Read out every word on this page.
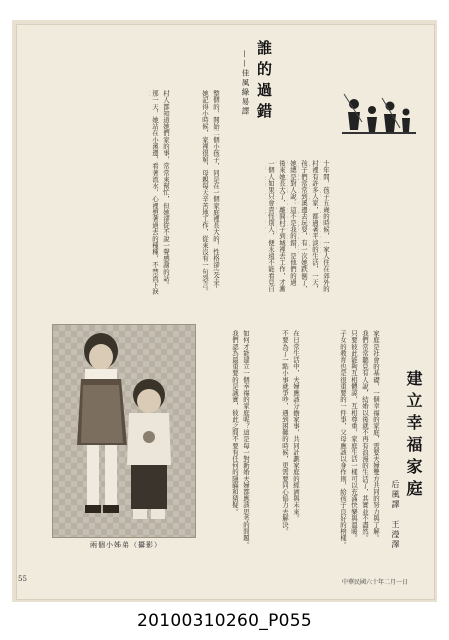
誰的過錯
——佳風綠易譯
十年間，孩子五歲的時候，一家人住在郊外的
村裡有許多人家，都過著平淡的生活，一天，
孩子們常常到溪邊去玩耍，有一次她跌倒了，
她總是對人說：這不是我的錯，是他們的過
後來她長大了，離開村子到城裡去工作，才漸
一個人如果只會責怪別人，便永遠不能看見自
整個的，開始二個小孩子，同是在一個家庭裡長大的，性格卻完全不
她記得小時候，家裡很窮，母親每天辛苦地工作，從來沒有一句怨言。
村人都知道她們家的事，常常來幫忙，但她卻從不說一聲感謝的話。
那一天，她站在小溪邊，看著流水，心裡想著過去的種種，不禁流下淚
建立幸福家庭
后風譯　王瀅澤
家庭是社會的基礎，一個幸福的家庭，需要夫婦雙方共同的努力與了解。
我們常常聽見有人說，結婚以後就不再有浪漫的生活了，其實並不盡然。
只要彼此能夠互相體諒，互相尊重，家庭生活一樣可以充滿快樂與溫暖。
子女的教育也是很重要的一件事，父母應該以身作則，給孩子良好的榜樣。
在日常生活中，夫婦應該分擔家事，共同計劃家庭的經濟與未來。
不要為了一點小事就爭吵，遇到困難的時候，更需要同心協力去解決。
如何才能建立一個幸福的家庭呢？這是每一對新婚夫婦都應該思考的問題。
我們認為最重要的是誠實，彼此之間不要有任何的隱瞞和猜疑。
兩個小姊弟（攝影）
55	中華民國六十年二月一日
20100310260_P055
